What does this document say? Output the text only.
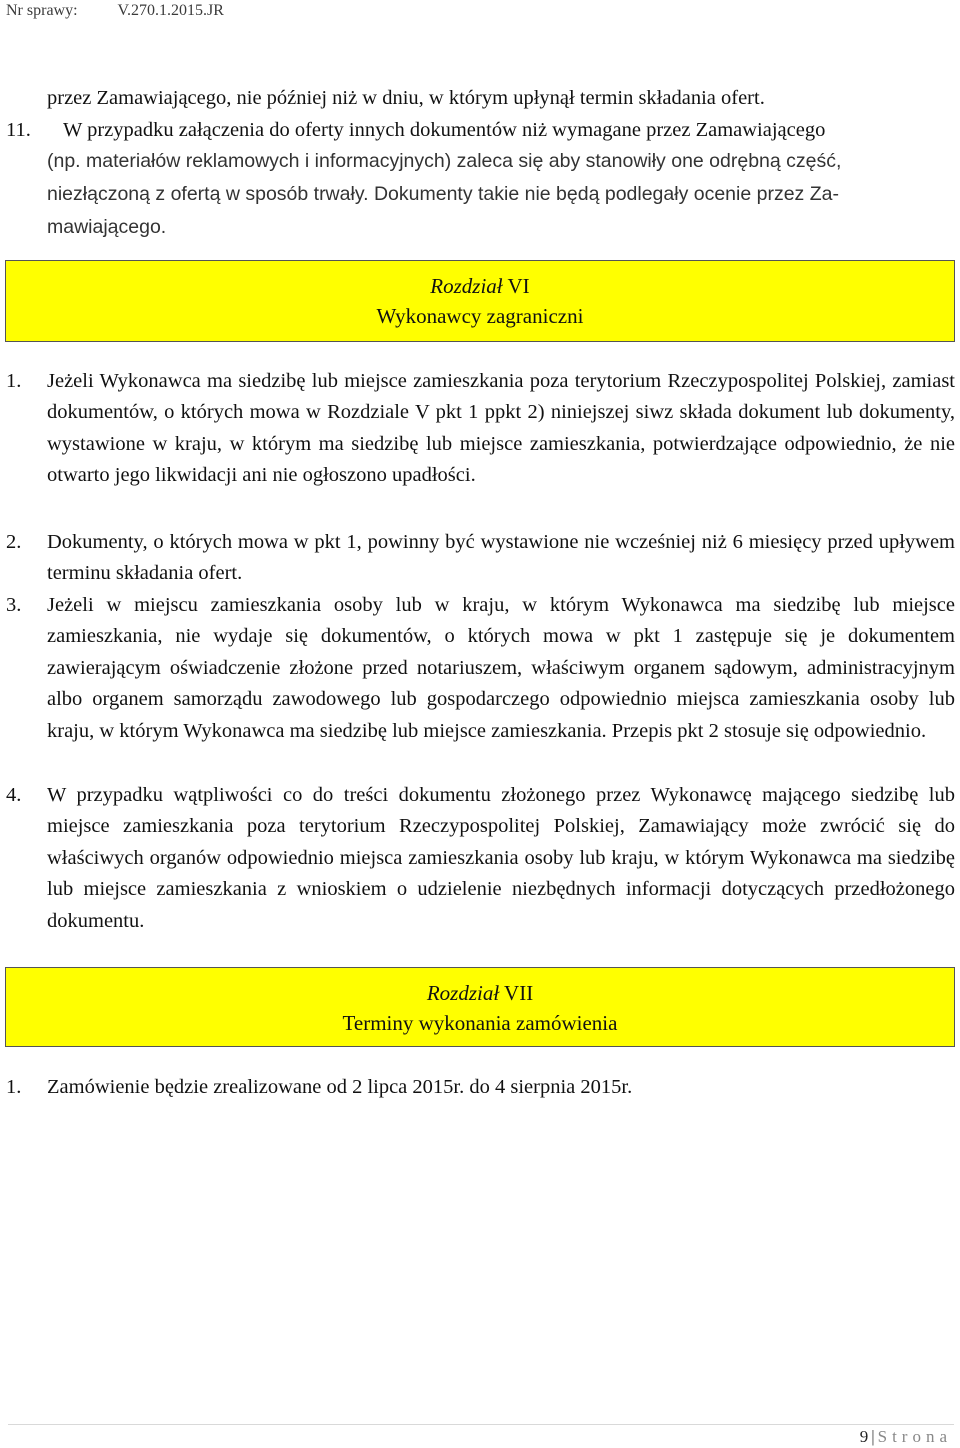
Nr sprawy:	V.270.1.2015.JR
przez Zamawiającego, nie później niż w dniu, w którym upłynął termin składania ofert.
11. W przypadku załączenia do oferty innych dokumentów niż wymagane przez Zamawiającego
(np. materiałów reklamowych i informacyjnych) zaleca się aby stanowiły one odrębną część,
niezłączoną z ofertą w sposób trwały. Dokumenty takie nie będą podlegały ocenie przez Za-
mawiającego.
Rozdział VI
Wykonawcy zagraniczni
1. Jeżeli Wykonawca ma siedzibę lub miejsce zamieszkania poza terytorium Rzeczypospolitej Polskiej, zamiast dokumentów, o których mowa w Rozdziale V pkt 1 ppkt 2) niniejszej siwz składa dokument lub dokumenty, wystawione w kraju, w którym ma siedzibę lub miejsce zamieszkania, potwierdzające odpowiednio, że nie otwarto jego likwidacji ani nie ogłoszono upadłości.
2. Dokumenty, o których mowa w pkt 1, powinny być wystawione nie wcześniej niż 6 miesięcy przed upływem terminu składania ofert.
3. Jeżeli w miejscu zamieszkania osoby lub w kraju, w którym Wykonawca ma siedzibę lub miejsce zamieszkania, nie wydaje się dokumentów, o których mowa w pkt 1 zastępuje się je dokumentem zawierającym oświadczenie złożone przed notariuszem, właściwym organem sądowym, administracyjnym albo organem samorządu zawodowego lub gospodarczego odpowiednio miejsca zamieszkania osoby lub kraju, w którym Wykonawca ma siedzibę lub miejsce zamieszkania. Przepis pkt 2 stosuje się odpowiednio.
4. W przypadku wątpliwości co do treści dokumentu złożonego przez Wykonawcę mającego siedzibę lub miejsce zamieszkania poza terytorium Rzeczypospolitej Polskiej, Zamawiający może zwrócić się do właściwych organów odpowiednio miejsca zamieszkania osoby lub kraju, w którym Wykonawca ma siedzibę lub miejsce zamieszkania z wnioskiem o udzielenie niezbędnych informacji dotyczących przedłożonego dokumentu.
Rozdział VII
Terminy wykonania zamówienia
1. Zamówienie będzie zrealizowane od 2 lipca 2015r. do 4 sierpnia 2015r.
9 | Strona
